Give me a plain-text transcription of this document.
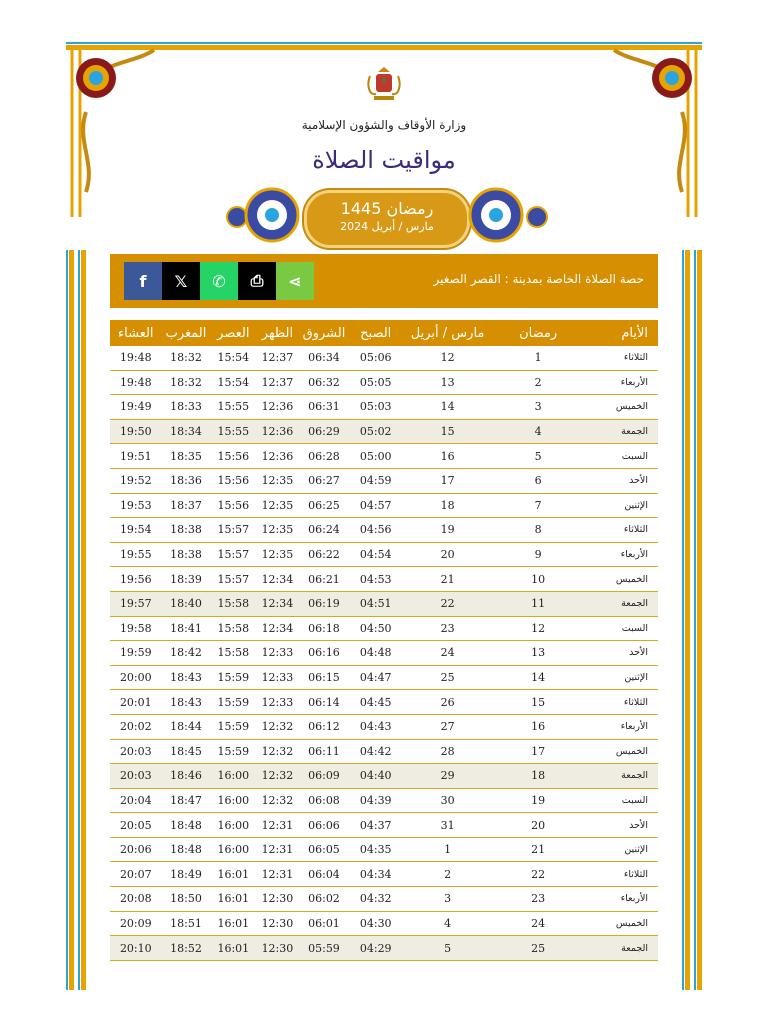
وزارة الأوقاف والشؤون الإسلامية
مواقيت الصلاة
رمضان 1445
مارس / أبريل 2024
حصة الصلاة الخاصة بمدينة : القصر الصغير
f 𝕏 ✆ ⎙ ⋖
الأيام	رمضان	مارس / أبريل	الصبح	الشروق	الظهر	العصر	المغرب	العشاء
الثلاثاء	1	12	05:06	06:34	12:37	15:54	18:32	19:48
الأربعاء	2	13	05:05	06:32	12:37	15:54	18:32	19:48
الخميس	3	14	05:03	06:31	12:36	15:55	18:33	19:49
الجمعة	4	15	05:02	06:29	12:36	15:55	18:34	19:50
السبت	5	16	05:00	06:28	12:36	15:56	18:35	19:51
الأحد	6	17	04:59	06:27	12:35	15:56	18:36	19:52
الإثنين	7	18	04:57	06:25	12:35	15:56	18:37	19:53
الثلاثاء	8	19	04:56	06:24	12:35	15:57	18:38	19:54
الأربعاء	9	20	04:54	06:22	12:35	15:57	18:38	19:55
الخميس	10	21	04:53	06:21	12:34	15:57	18:39	19:56
الجمعة	11	22	04:51	06:19	12:34	15:58	18:40	19:57
السبت	12	23	04:50	06:18	12:34	15:58	18:41	19:58
الأحد	13	24	04:48	06:16	12:33	15:58	18:42	19:59
الإثنين	14	25	04:47	06:15	12:33	15:59	18:43	20:00
الثلاثاء	15	26	04:45	06:14	12:33	15:59	18:43	20:01
الأربعاء	16	27	04:43	06:12	12:32	15:59	18:44	20:02
الخميس	17	28	04:42	06:11	12:32	15:59	18:45	20:03
الجمعة	18	29	04:40	06:09	12:32	16:00	18:46	20:03
السبت	19	30	04:39	06:08	12:32	16:00	18:47	20:04
الأحد	20	31	04:37	06:06	12:31	16:00	18:48	20:05
الإثنين	21	1	04:35	06:05	12:31	16:00	18:48	20:06
الثلاثاء	22	2	04:34	06:04	12:31	16:01	18:49	20:07
الأربعاء	23	3	04:32	06:02	12:30	16:01	18:50	20:08
الخميس	24	4	04:30	06:01	12:30	16:01	18:51	20:09
الجمعة	25	5	04:29	05:59	12:30	16:01	18:52	20:10
